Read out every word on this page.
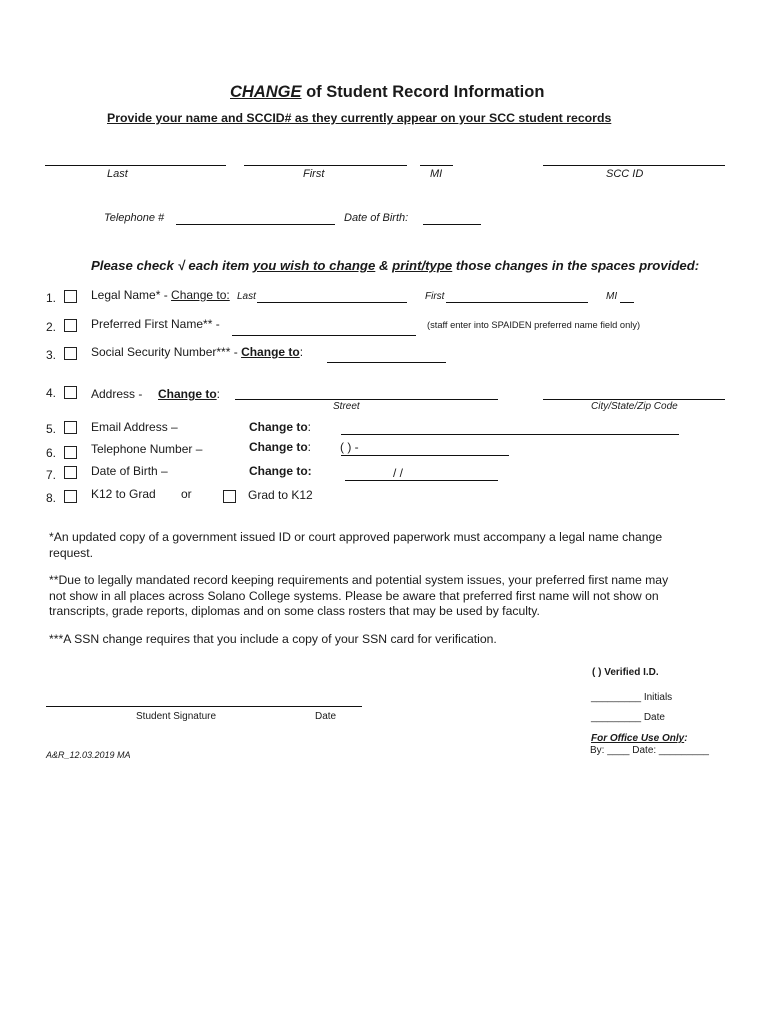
CHANGE of Student Record Information
Provide your name and SCCID# as they currently appear on your SCC student records
Last	First	MI	SCC ID
Telephone #	Date of Birth:
Please check √ each item you wish to change & print/type those changes in the spaces provided:
1.	Legal Name* - Change to: Last	First	MI
2.	Preferred First Name** -	(staff enter into SPAIDEN preferred name field only)
3.	Social Security Number*** - Change to:
4.	Address - Change to:
Street	City/State/Zip Code
5.	Email Address –	Change to:
6.	Telephone Number –	Change to: ( ) -
7.	Date of Birth –	Change to:	/ /
8.	K12 to Grad or	Grad to K12
*An updated copy of a government issued ID or court approved paperwork must accompany a legal name change
request.
**Due to legally mandated record keeping requirements and potential system issues, your preferred first name may
not show in all places across Solano College systems. Please be aware that preferred first name will not show on
transcripts, grade reports, diplomas and on some class rosters that may be used by faculty.
***A SSN change requires that you include a copy of your SSN card for verification.
( ) Verified I.D.
_________ Initials
_________ Date
For Office Use Only:
By: ____ Date: _________
Student Signature	Date
A&R_12.03.2019 MA
